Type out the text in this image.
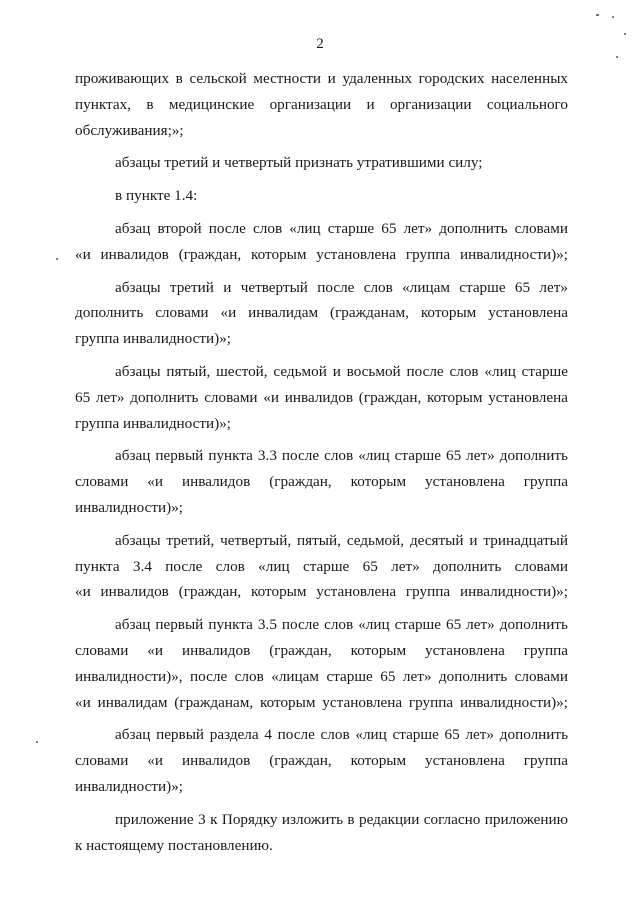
2
проживающих в сельской местности и удаленных городских населенных
пунктах, в медицинские организации и организации социального
обслуживания;»;
абзацы третий и четвертый признать утратившими силу;
в пункте 1.4:
абзац второй после слов «лиц старше 65 лет» дополнить словами
«и инвалидов (граждан, которым установлена группа инвалидности)»;
абзацы третий и четвертый после слов «лицам старше 65 лет»
дополнить словами «и инвалидам (гражданам, которым установлена
группа инвалидности)»;
абзацы пятый, шестой, седьмой и восьмой после слов «лиц старше
65 лет» дополнить словами «и инвалидов (граждан, которым установлена
группа инвалидности)»;
абзац первый пункта 3.3 после слов «лиц старше 65 лет» дополнить
словами «и инвалидов (граждан, которым установлена группа
инвалидности)»;
абзацы третий, четвертый, пятый, седьмой, десятый и тринадцатый
пункта 3.4 после слов «лиц старше 65 лет» дополнить словами
«и инвалидов (граждан, которым установлена группа инвалидности)»;
абзац первый пункта 3.5 после слов «лиц старше 65 лет» дополнить
словами «и инвалидов (граждан, которым установлена группа
инвалидности)», после слов «лицам старше 65 лет» дополнить словами
«и инвалидам (гражданам, которым установлена группа инвалидности)»;
абзац первый раздела 4 после слов «лиц старше 65 лет» дополнить
словами «и инвалидов (граждан, которым установлена группа
инвалидности)»;
приложение 3 к Порядку изложить в редакции согласно приложению
к настоящему постановлению.
